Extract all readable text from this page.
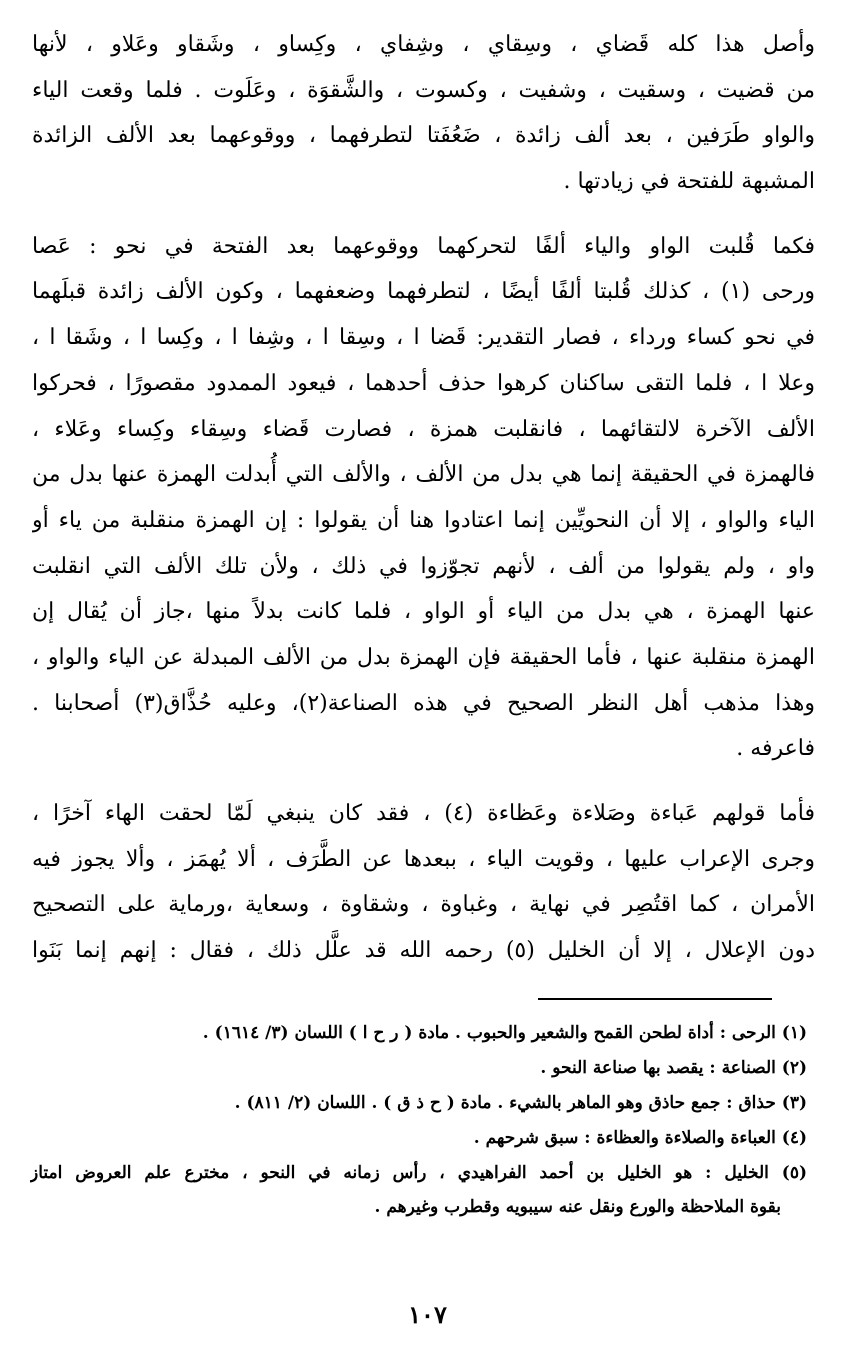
وأصل هذا كله قَضاي ، وسِقاي ، وشِفاي ، وكِساو ، وشَقاو وعَلاو ، لأنها
من قضيت ، وسقيت ، وشفيت ، وكسوت ، والشَّقوَة ، وعَلَوت . فلما وقعت الياء
والواو طَرَفين ، بعد ألف زائدة ، ضَعُفَتا لتطرفهما ، ووقوعهما بعد الألف الزائدة
المشبهة للفتحة في زيادتها .
فكما قُلبت الواو والياء ألفًا لتحركهما ووقوعهما بعد الفتحة في نحو : عَصا
ورحى (١) ، كذلك قُلبتا ألفًا أيضًا ، لتطرفهما وضعفهما ، وكون الألف زائدة قبلَهما
في نحو كساء ورداء ، فصار التقدير: قَضا ا ، وسِقا ا ، وشِفا ا ، وكِسا ا ، وشَقا ا ،
وعلا ا ، فلما التقى ساكنان كرهوا حذف أحدهما ، فيعود الممدود مقصورًا ، فحركوا
الألف الآخرة لالتقائهما ، فانقلبت همزة ، فصارت قَضاء وسِقاء وكِساء وعَلاء ،
فالهمزة في الحقيقة إنما هي بدل من الألف ، والألف التي أُبدلت الهمزة عنها بدل من
الياء والواو ، إلا أن النحويِّين إنما اعتادوا هنا أن يقولوا : إن الهمزة منقلبة من ياء أو
واو ، ولم يقولوا من ألف ، لأنهم تجوّزوا في ذلك ، ولأن تلك الألف التي انقلبت
عنها الهمزة ، هي بدل من الياء أو الواو ، فلما كانت بدلاً منها ،جاز أن يُقال إن
الهمزة منقلبة عنها ، فأما الحقيقة فإن الهمزة بدل من الألف المبدلة عن الياء والواو ،
وهذا مذهب أهل النظر الصحيح في هذه الصناعة(٢)، وعليه حُذَّاق(٣) أصحابنا .
فاعرفه .
فأما قولهم عَباءة وصَلاءة وعَظاءة (٤) ، فقد كان ينبغي لَمّا لحقت الهاء آخرًا ،
وجرى الإعراب عليها ، وقويت الياء ، ببعدها عن الطَّرَف ، ألا يُهمَز ، وألا يجوز فيه
الأمران ، كما اقتُصِر في نهاية ، وغباوة ، وشقاوة ، وسعاية ،ورماية على التصحيح
دون الإعلال ، إلا أن الخليل (٥) رحمه الله قد علَّل ذلك ، فقال : إنهم إنما بَنَوا
(١) الرحى : أداة لطحن القمح والشعير والحبوب . مادة ( ر ح ا ) اللسان (٣/ ١٦١٤) .
(٢) الصناعة : يقصد بها صناعة النحو .
(٣) حذاق : جمع حاذق وهو الماهر بالشيء . مادة ( ح ذ ق ) . اللسان (٢/ ٨١١) .
(٤) العباءة والصلاءة والعظاءة : سبق شرحهم .
(٥) الخليل : هو الخليل بن أحمد الفراهيدي ، رأس زمانه في النحو ، مخترع علم العروض امتاز
بقوة الملاحظة والورع ونقل عنه سيبويه وقطرب وغيرهم .
١٠٧
